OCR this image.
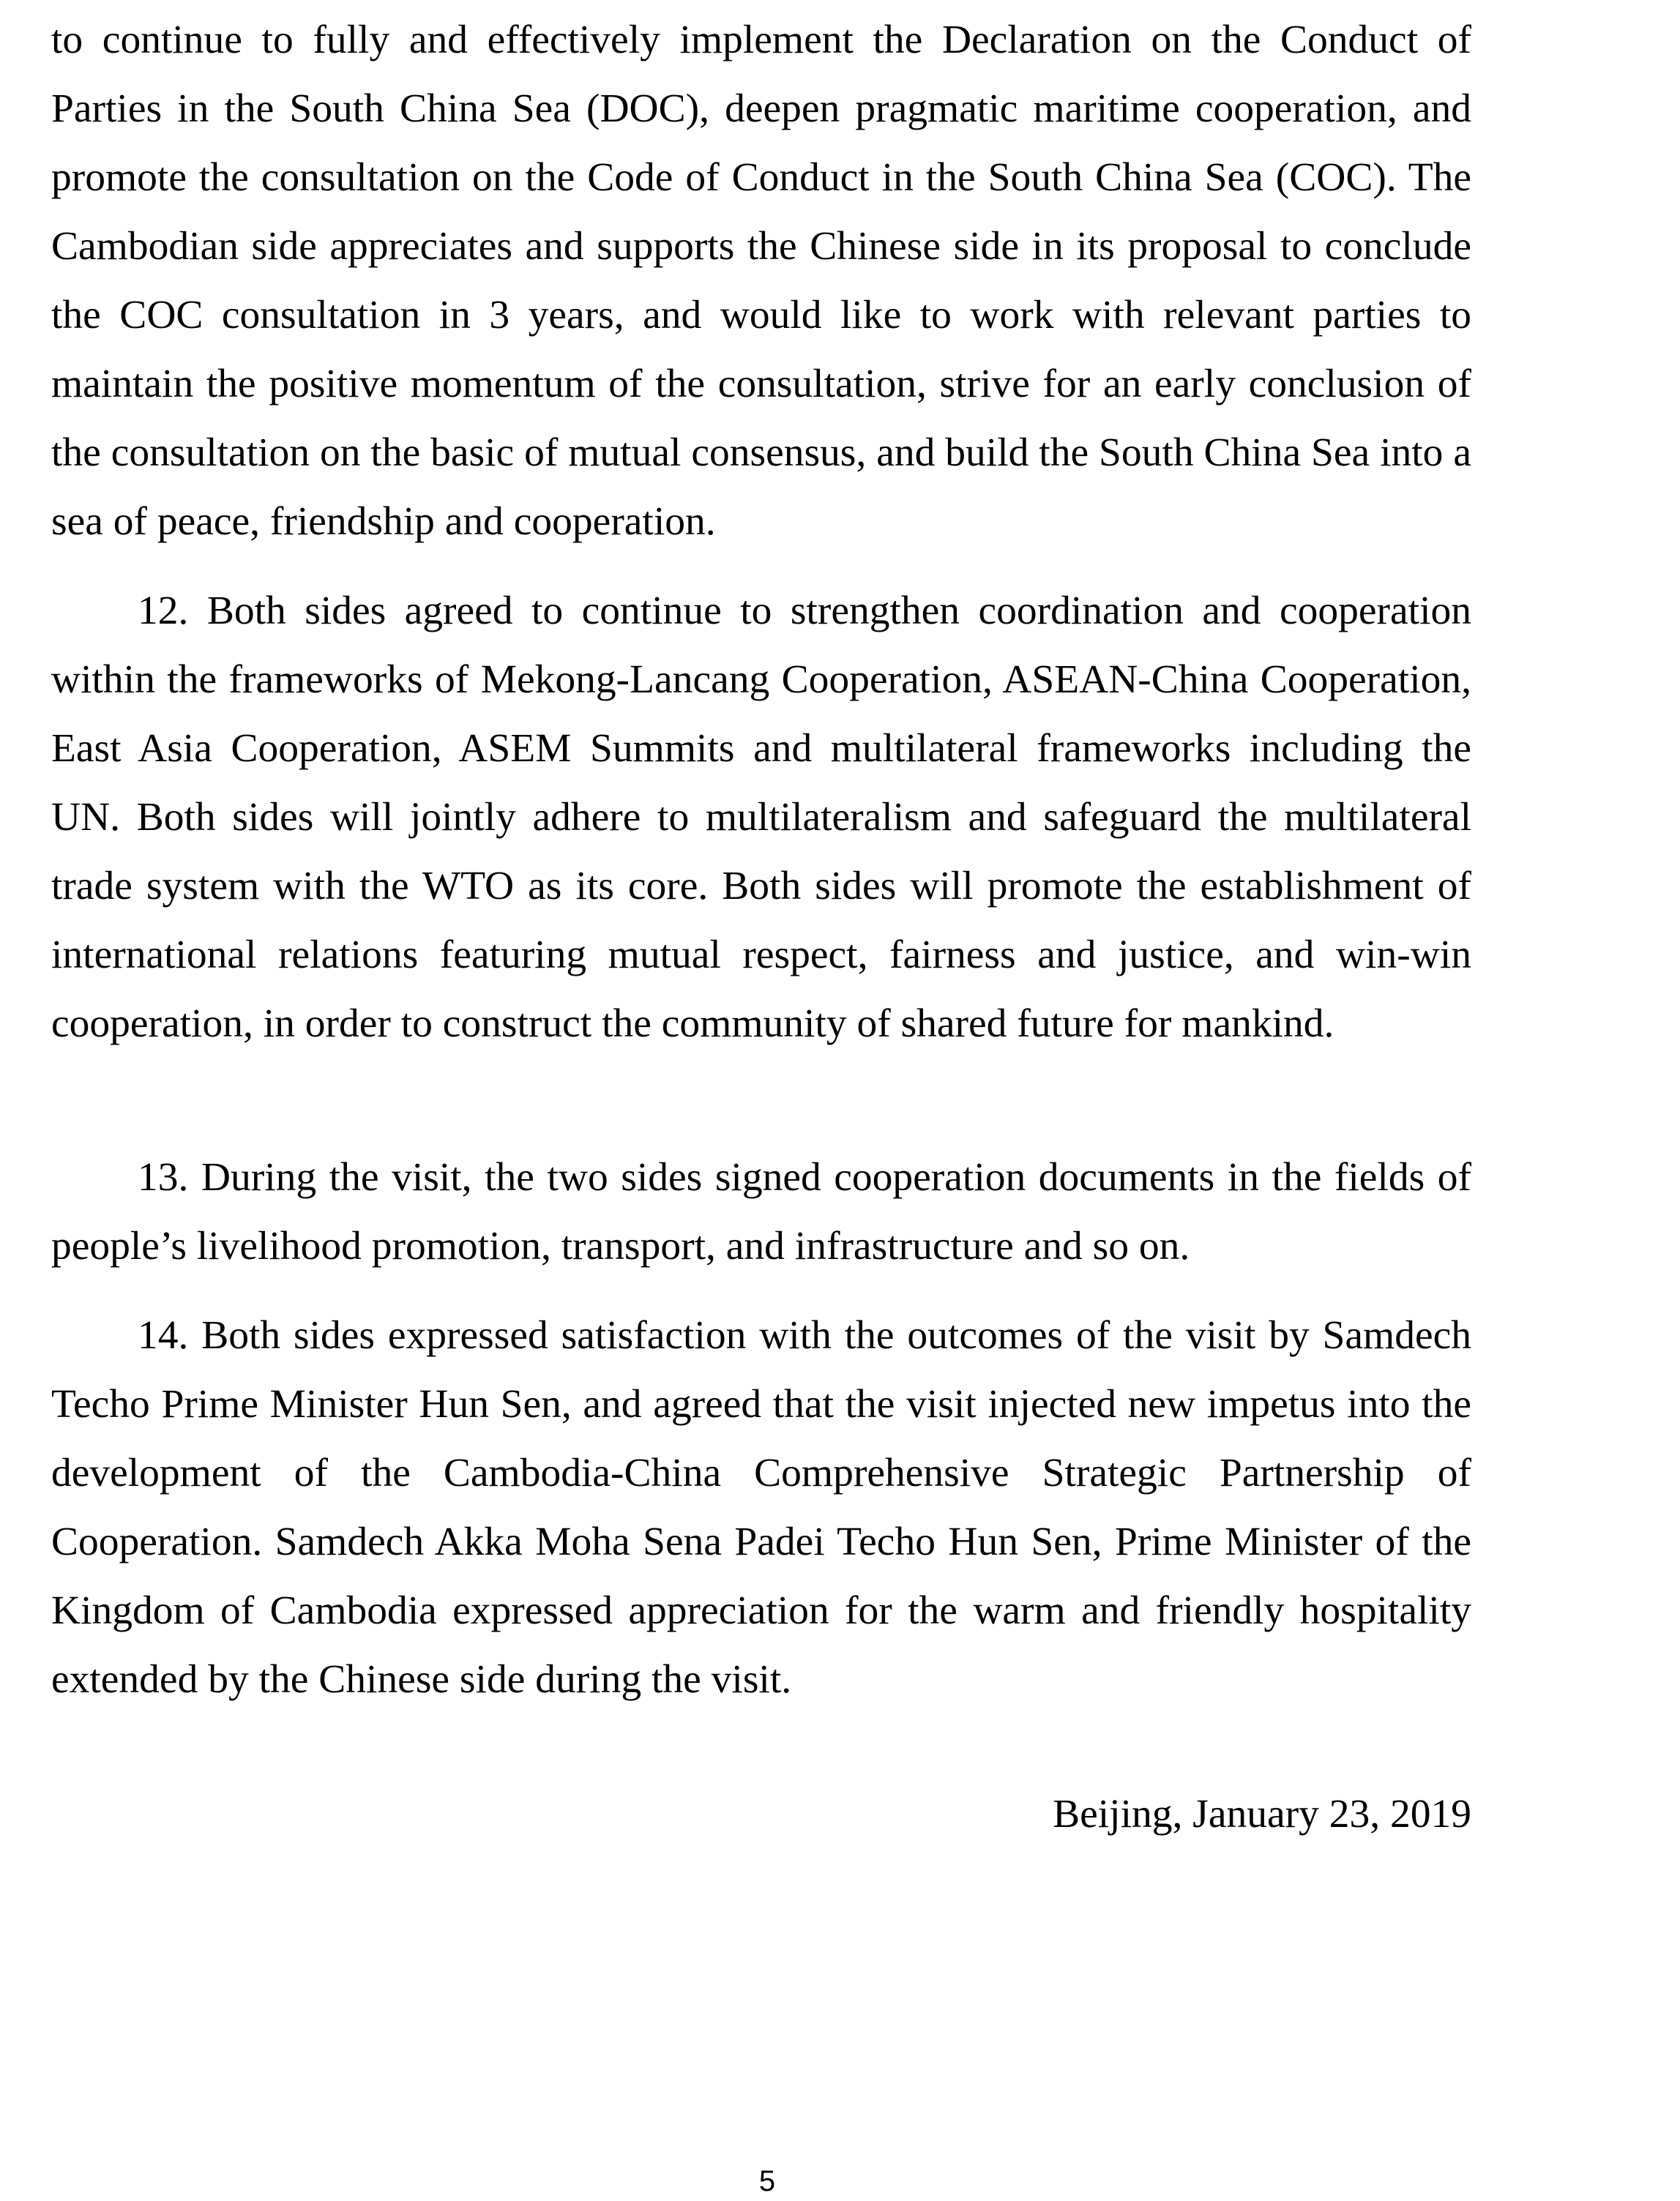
to continue to fully and effectively implement the Declaration on the Conduct of Parties in the South China Sea (DOC), deepen pragmatic maritime cooperation, and promote the consultation on the Code of Conduct in the South China Sea (COC). The Cambodian side appreciates and supports the Chinese side in its proposal to conclude the COC consultation in 3 years, and would like to work with relevant parties to maintain the positive momentum of the consultation, strive for an early conclusion of the consultation on the basic of mutual consensus, and build the South China Sea into a sea of peace, friendship and cooperation.

12. Both sides agreed to continue to strengthen coordination and cooperation within the frameworks of Mekong-Lancang Cooperation, ASEAN-China Cooperation, East Asia Cooperation, ASEM Summits and multilateral frameworks including the UN. Both sides will jointly adhere to multilateralism and safeguard the multilateral trade system with the WTO as its core. Both sides will promote the establishment of international relations featuring mutual respect, fairness and justice, and win-win cooperation, in order to construct the community of shared future for mankind.

13. During the visit, the two sides signed cooperation documents in the fields of people’s livelihood promotion, transport, and infrastructure and so on.

14. Both sides expressed satisfaction with the outcomes of the visit by Samdech Techo Prime Minister Hun Sen, and agreed that the visit injected new impetus into the development of the Cambodia-China Comprehensive Strategic Partnership of Cooperation. Samdech Akka Moha Sena Padei Techo Hun Sen, Prime Minister of the Kingdom of Cambodia expressed appreciation for the warm and friendly hospitality extended by the Chinese side during the visit.

Beijing, January 23, 2019
5
